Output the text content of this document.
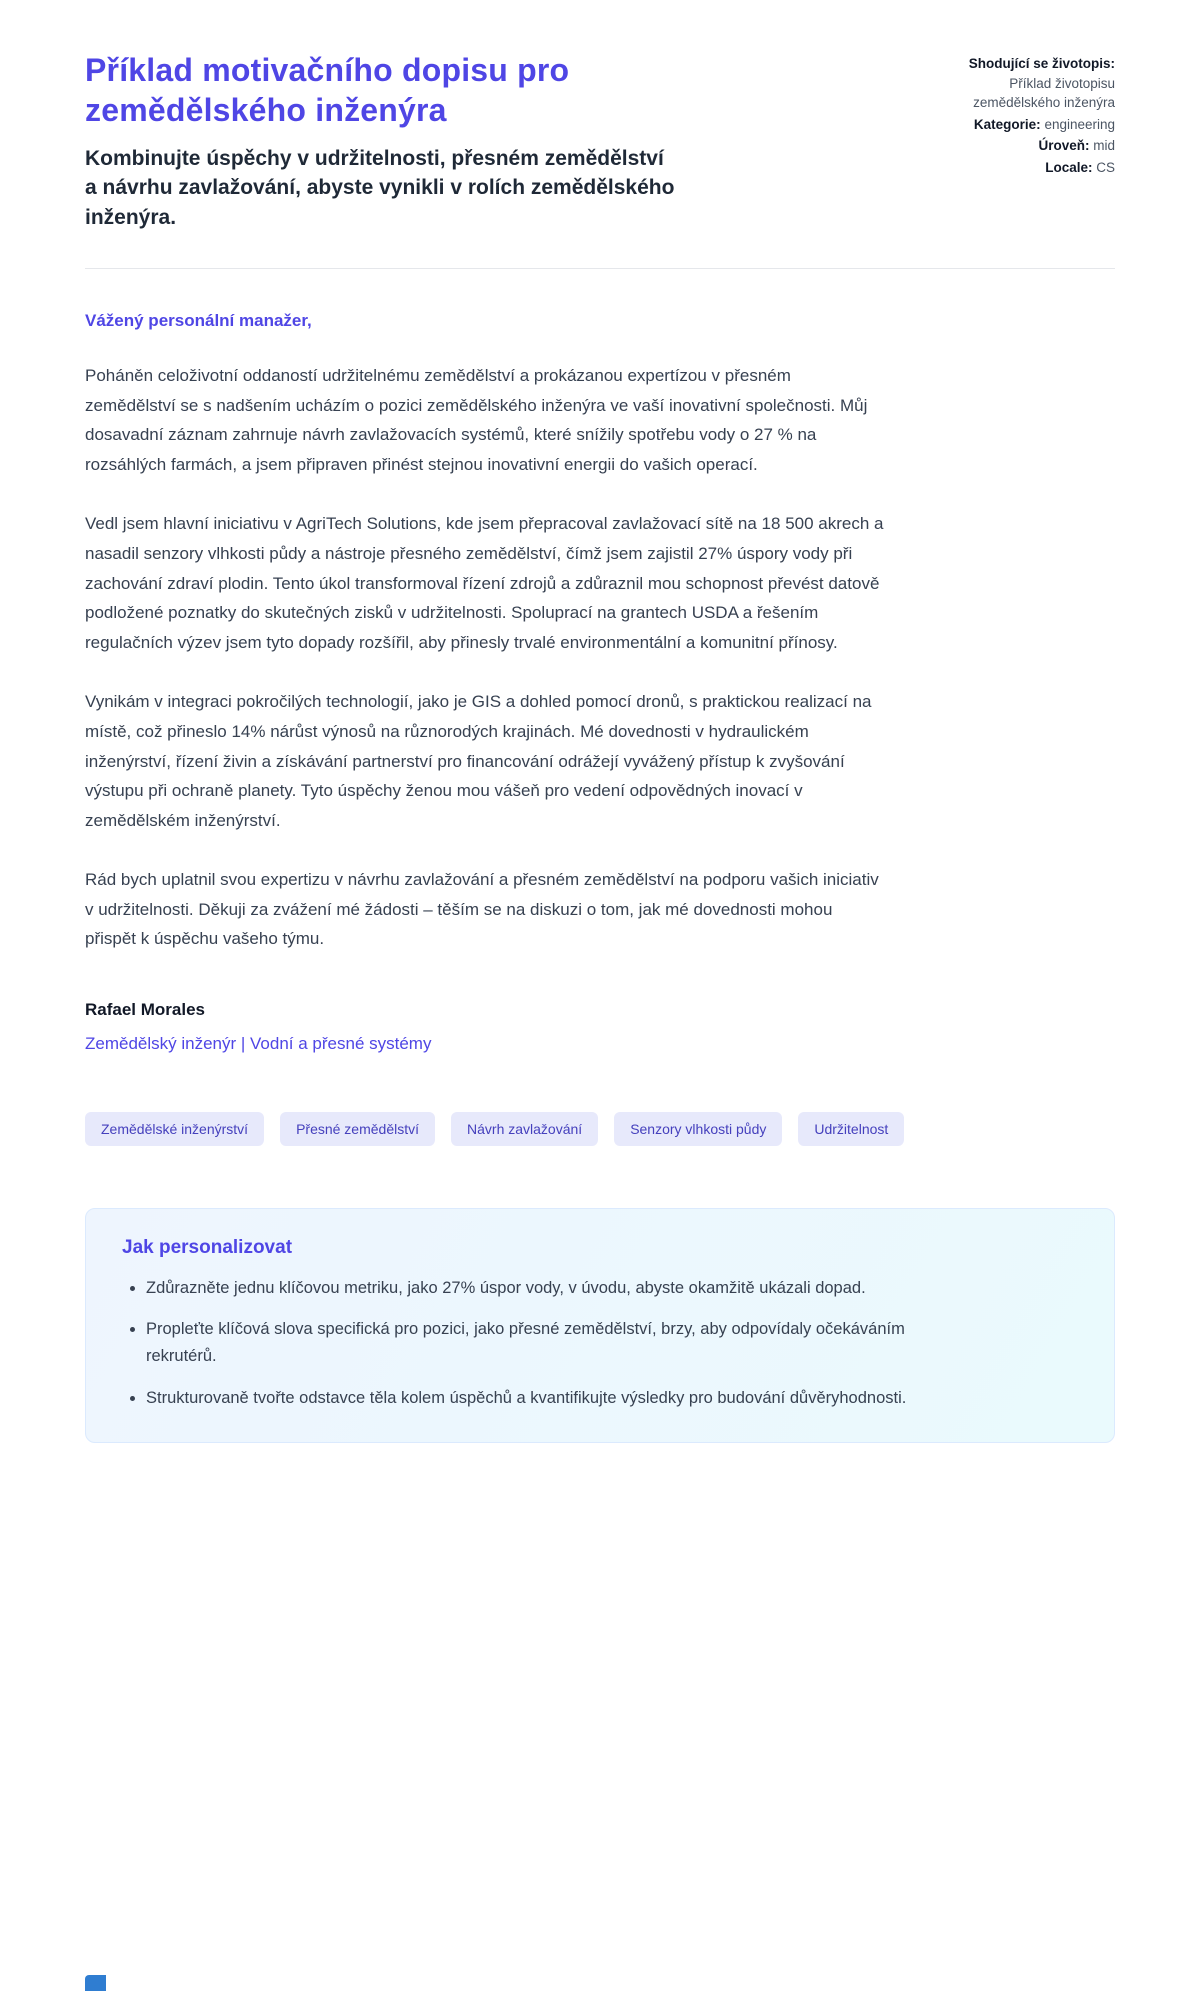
Příklad motivačního dopisu pro zemědělského inženýra

Kombinujte úspěchy v udržitelnosti, přesném zemědělství a návrhu zavlažování, abyste vynikli v rolích zemědělského inženýra.

Shodující se životopis:
Příklad životopisu zemědělského inženýra
Kategorie: engineering
Úroveň: mid
Locale: CS

Vážený personální manažer,

Poháněn celoživotní oddaností udržitelnému zemědělství a prokázanou expertízou v přesném zemědělství se s nadšením ucházím o pozici zemědělského inženýra ve vaší inovativní společnosti. Můj dosavadní záznam zahrnuje návrh zavlažovacích systémů, které snížily spotřebu vody o 27 % na rozsáhlých farmách, a jsem připraven přinést stejnou inovativní energii do vašich operací.

Vedl jsem hlavní iniciativu v AgriTech Solutions, kde jsem přepracoval zavlažovací sítě na 18 500 akrech a nasadil senzory vlhkosti půdy a nástroje přesného zemědělství, čímž jsem zajistil 27% úspory vody při zachování zdraví plodin. Tento úkol transformoval řízení zdrojů a zdůraznil mou schopnost převést datově podložené poznatky do skutečných zisků v udržitelnosti. Spoluprací na grantech USDA a řešením regulačních výzev jsem tyto dopady rozšířil, aby přinesly trvalé environmentální a komunitní přínosy.

Vynikám v integraci pokročilých technologií, jako je GIS a dohled pomocí dronů, s praktickou realizací na místě, což přineslo 14% nárůst výnosů na různorodých krajinách. Mé dovednosti v hydraulickém inženýrství, řízení živin a získávání partnerství pro financování odrážejí vyvážený přístup k zvyšování výstupu při ochraně planety. Tyto úspěchy ženou mou vášeň pro vedení odpovědných inovací v zemědělském inženýrství.

Rád bych uplatnil svou expertizu v návrhu zavlažování a přesném zemědělství na podporu vašich iniciativ v udržitelnosti. Děkuji za zvážení mé žádosti – těším se na diskuzi o tom, jak mé dovednosti mohou přispět k úspěchu vašeho týmu.

Rafael Morales

Zemědělský inženýr | Vodní a přesné systémy

Zemědělské inženýrství	Přesné zemědělství	Návrh zavlažování	Senzory vlhkosti půdy	Udržitelnost
Jak personalizovat
• Zdůrazněte jednu klíčovou metriku, jako 27% úspor vody, v úvodu, abyste okamžitě ukázali dopad.
• Propleťte klíčová slova specifická pro pozici, jako přesné zemědělství, brzy, aby odpovídaly očekáváním rekrutérů.
• Strukturovaně tvořte odstavce těla kolem úspěchů a kvantifikujte výsledky pro budování důvěryhodnosti.
